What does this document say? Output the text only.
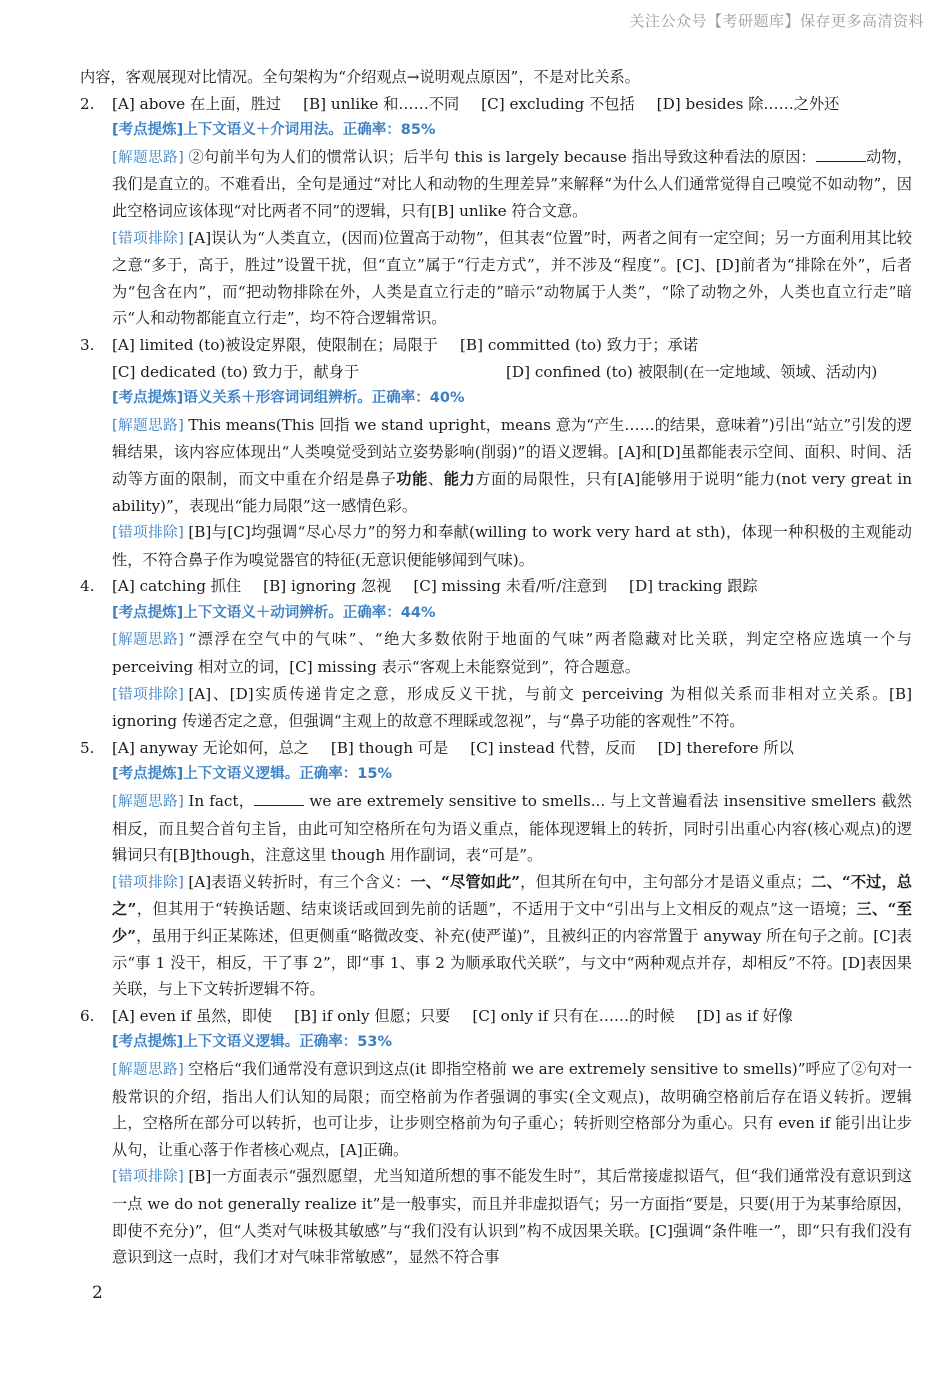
关注公众号【考研题库】保存更多高清资料

内容，客观展现对比情况。全句架构为“介绍观点→说明观点原因”，不是对比关系。

2. [A] above 在上面，胜过 [B] unlike 和……不同 [C] excluding 不包括 [D] besides 除……之外还

[考点提炼]上下文语义＋介词用法。正确率：85%

[解题思路] ②句前半句为人们的惯常认识；后半句 this is largely because 指出导致这种看法的原因：	动物，我们是直立的。不难看出，全句是通过“对比人和动物的生理差异”来解释“为什么人们通常觉得自己嗅觉不如动物”，因此空格词应该体现“对比两者不同”的逻辑，只有[B] unlike 符合文意。

[错项排除] [A]误认为“人类直立，(因而)位置高于动物”，但其表“位置”时，两者之间有一定空间；另一方面利用其比较之意“多于，高于，胜过”设置干扰，但“直立”属于“行走方式”，并不涉及“程度”。[C]、[D]前者为“排除在外”，后者为“包含在内”，而“把动物排除在外，人类是直立行走的”暗示“动物属于人类”，“除了动物之外，人类也直立行走”暗示“人和动物都能直立行走”，均不符合逻辑常识。

3. [A] limited (to)被设定界限，使限制在；局限于 [B] committed (to) 致力于；承诺

[C] dedicated (to) 致力于，献身于	[D] confined (to) 被限制(在一定地域、领域、活动内)

[考点提炼]语义关系＋形容词词组辨析。正确率：40%

[解题思路] This means(This 回指 we stand upright，means 意为“产生……的结果，意味着”)引出“站立”引发的逻辑结果，该内容应体现出“人类嗅觉受到站立姿势影响(削弱)”的语义逻辑。[A]和[D]虽都能表示空间、面积、时间、活动等方面的限制，而文中重在介绍是鼻子功能、能力方面的局限性，只有[A]能够用于说明“能力(not very great in ability)”，表现出“能力局限”这一感情色彩。

[错项排除] [B]与[C]均强调“尽心尽力”的努力和奉献(willing to work very hard at sth)，体现一种积极的主观能动性，不符合鼻子作为嗅觉器官的特征(无意识便能够闻到气味)。

4. [A] catching 抓住 [B] ignoring 忽视 [C] missing 未看/听/注意到 [D] tracking 跟踪

[考点提炼]上下文语义＋动词辨析。正确率：44%

[解题思路] “漂浮在空气中的气味”、“绝大多数依附于地面的气味”两者隐藏对比关联，判定空格应选填一个与 perceiving 相对立的词，[C] missing 表示“客观上未能察觉到”，符合题意。

[错项排除] [A]、[D]实质传递肯定之意，形成反义干扰，与前文 perceiving 为相似关系而非相对立关系。[B] ignoring 传递否定之意，但强调“主观上的故意不理睬或忽视”，与“鼻子功能的客观性”不符。

5. [A] anyway 无论如何，总之 [B] though 可是 [C] instead 代替，反而 [D] therefore 所以

[考点提炼]上下文语义逻辑。正确率：15%

[解题思路] In fact，	we are extremely sensitive to smells... 与上文普遍看法 insensitive smellers 截然相反，而且契合首句主旨，由此可知空格所在句为语义重点，能体现逻辑上的转折，同时引出重心内容(核心观点)的逻辑词只有[B]though，注意这里 though 用作副词，表“可是”。

[错项排除] [A]表语义转折时，有三个含义：一、“尽管如此”，但其所在句中，主句部分才是语义重点；二、“不过，总之”，但其用于“转换话题、结束谈话或回到先前的话题”，不适用于文中“引出与上文相反的观点”这一语境；三、“至少”，虽用于纠正某陈述，但更侧重“略微改变、补充(使严谨)”，且被纠正的内容常置于 anyway 所在句子之前。[C]表示“事 1 没干，相反，干了事 2”，即“事 1、事 2 为顺承取代关联”，与文中“两种观点并存，却相反”不符。[D]表因果关联，与上下文转折逻辑不符。

6. [A] even if 虽然，即使 [B] if only 但愿；只要 [C] only if 只有在……的时候 [D] as if 好像

[考点提炼]上下文语义逻辑。正确率：53%

[解题思路] 空格后“我们通常没有意识到这点(it 即指空格前 we are extremely sensitive to smells)”呼应了②句对一般常识的介绍，指出人们认知的局限；而空格前为作者强调的事实(全文观点)，故明确空格前后存在语义转折。逻辑上，空格所在部分可以转折，也可让步，让步则空格前为句子重心；转折则空格部分为重心。只有 even if 能引出让步从句，让重心落于作者核心观点，[A]正确。

[错项排除] [B]一方面表示“强烈愿望，尤当知道所想的事不能发生时”，其后常接虚拟语气，但“我们通常没有意识到这一点 we do not generally realize it”是一般事实，而且并非虚拟语气；另一方面指“要是，只要(用于为某事给原因，即使不充分)”，但“人类对气味极其敏感”与“我们没有认识到”构不成因果关联。[C]强调“条件唯一”，即“只有我们没有意识到这一点时，我们才对气味非常敏感”，显然不符合事

2
